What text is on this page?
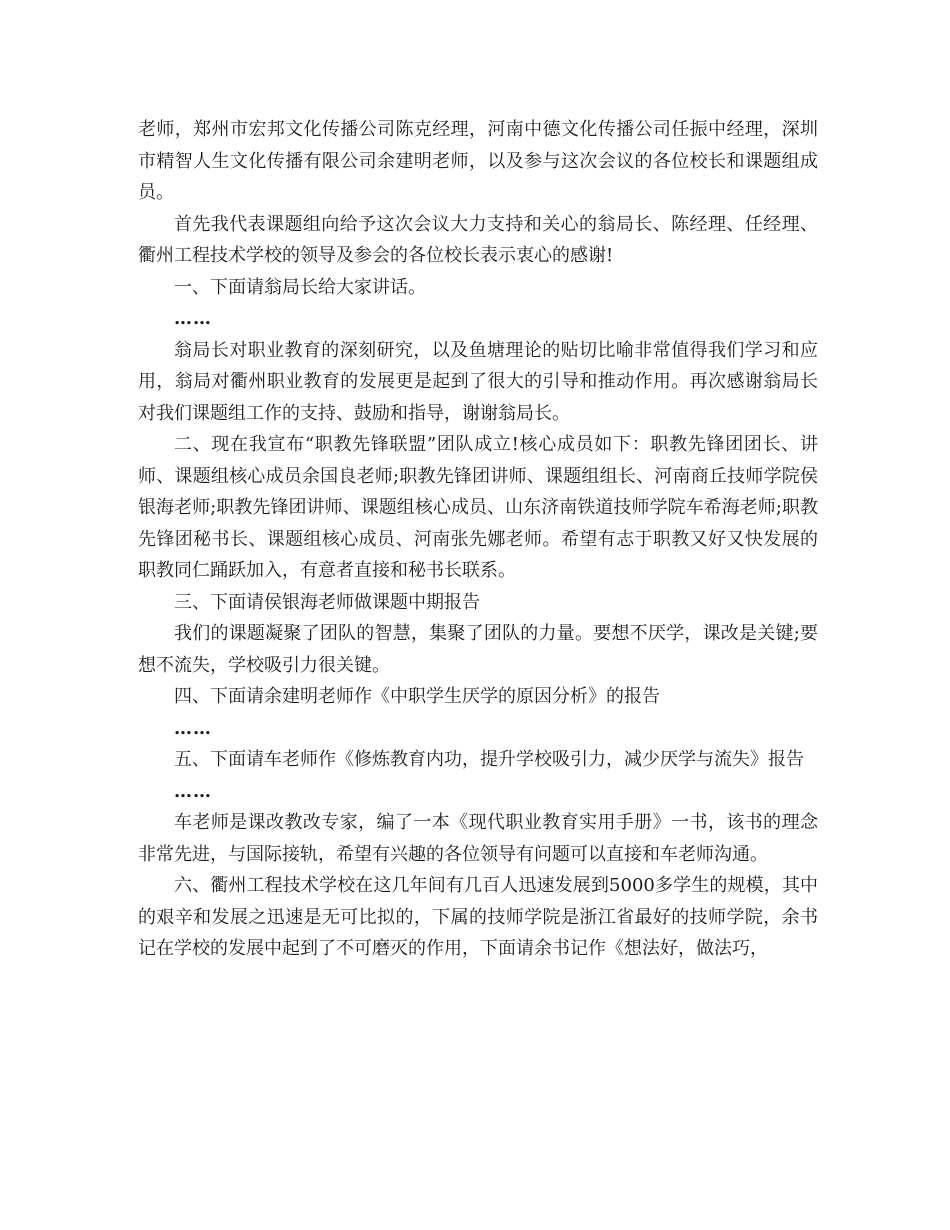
老师，郑州市宏邦文化传播公司陈克经理，河南中德文化传播公司任振中经理，深圳市精智人生文化传播有限公司余建明老师，以及参与这次会议的各位校长和课题组成员。

首先我代表课题组向给予这次会议大力支持和关心的翁局长、陈经理、任经理、衢州工程技术学校的领导及参会的各位校长表示衷心的感谢!

一、下面请翁局长给大家讲话。

……

翁局长对职业教育的深刻研究，以及鱼塘理论的贴切比喻非常值得我们学习和应用，翁局对衢州职业教育的发展更是起到了很大的引导和推动作用。再次感谢翁局长对我们课题组工作的支持、鼓励和指导，谢谢翁局长。

二、现在我宣布“职教先锋联盟”团队成立!核心成员如下：职教先锋团团长、讲师、课题组核心成员余国良老师;职教先锋团讲师、课题组组长、河南商丘技师学院侯银海老师;职教先锋团讲师、课题组核心成员、山东济南铁道技师学院车希海老师;职教先锋团秘书长、课题组核心成员、河南张先娜老师。希望有志于职教又好又快发展的职教同仁踊跃加入，有意者直接和秘书长联系。

三、下面请侯银海老师做课题中期报告

我们的课题凝聚了团队的智慧，集聚了团队的力量。要想不厌学，课改是关键;要想不流失，学校吸引力很关键。

四、下面请余建明老师作《中职学生厌学的原因分析》的报告

……

五、下面请车老师作《修炼教育内功，提升学校吸引力，减少厌学与流失》报告

……

车老师是课改教改专家，编了一本《现代职业教育实用手册》一书，该书的理念非常先进，与国际接轨，希望有兴趣的各位领导有问题可以直接和车老师沟通。

六、衢州工程技术学校在这几年间有几百人迅速发展到5000多学生的规模，其中的艰辛和发展之迅速是无可比拟的，下属的技师学院是浙江省最好的技师学院，余书记在学校的发展中起到了不可磨灭的作用，下面请余书记作《想法好，做法巧，
